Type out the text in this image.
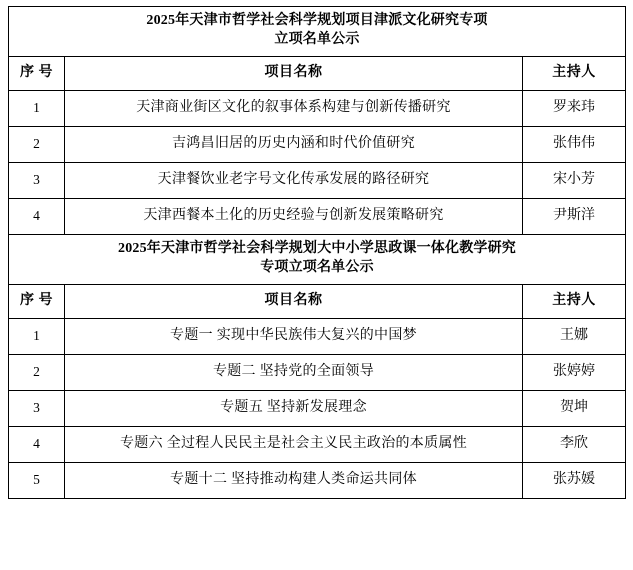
2025年天津市哲学社会科学规划项目津派文化研究专项
立项名单公示		

序 号	项目名称	主持人
1	天津商业街区文化的叙事体系构建与创新传播研究	罗来玮
2	吉鸿昌旧居的历史内涵和时代价值研究	张伟伟
3	天津餐饮业老字号文化传承发展的路径研究	宋小芳
4	天津西餐本土化的历史经验与创新发展策略研究	尹斯洋

2025年天津市哲学社会科学规划大中小学思政课一体化教学研究
专项立项名单公示		

序 号	项目名称	主持人
1	专题一 实现中华民族伟大复兴的中国梦	王娜
2	专题二 坚持党的全面领导	张婷婷
3	专题五 坚持新发展理念	贺坤
4	专题六 全过程人民民主是社会主义民主政治的本质属性	李欣
5	专题十二 坚持推动构建人类命运共同体	张苏媛
